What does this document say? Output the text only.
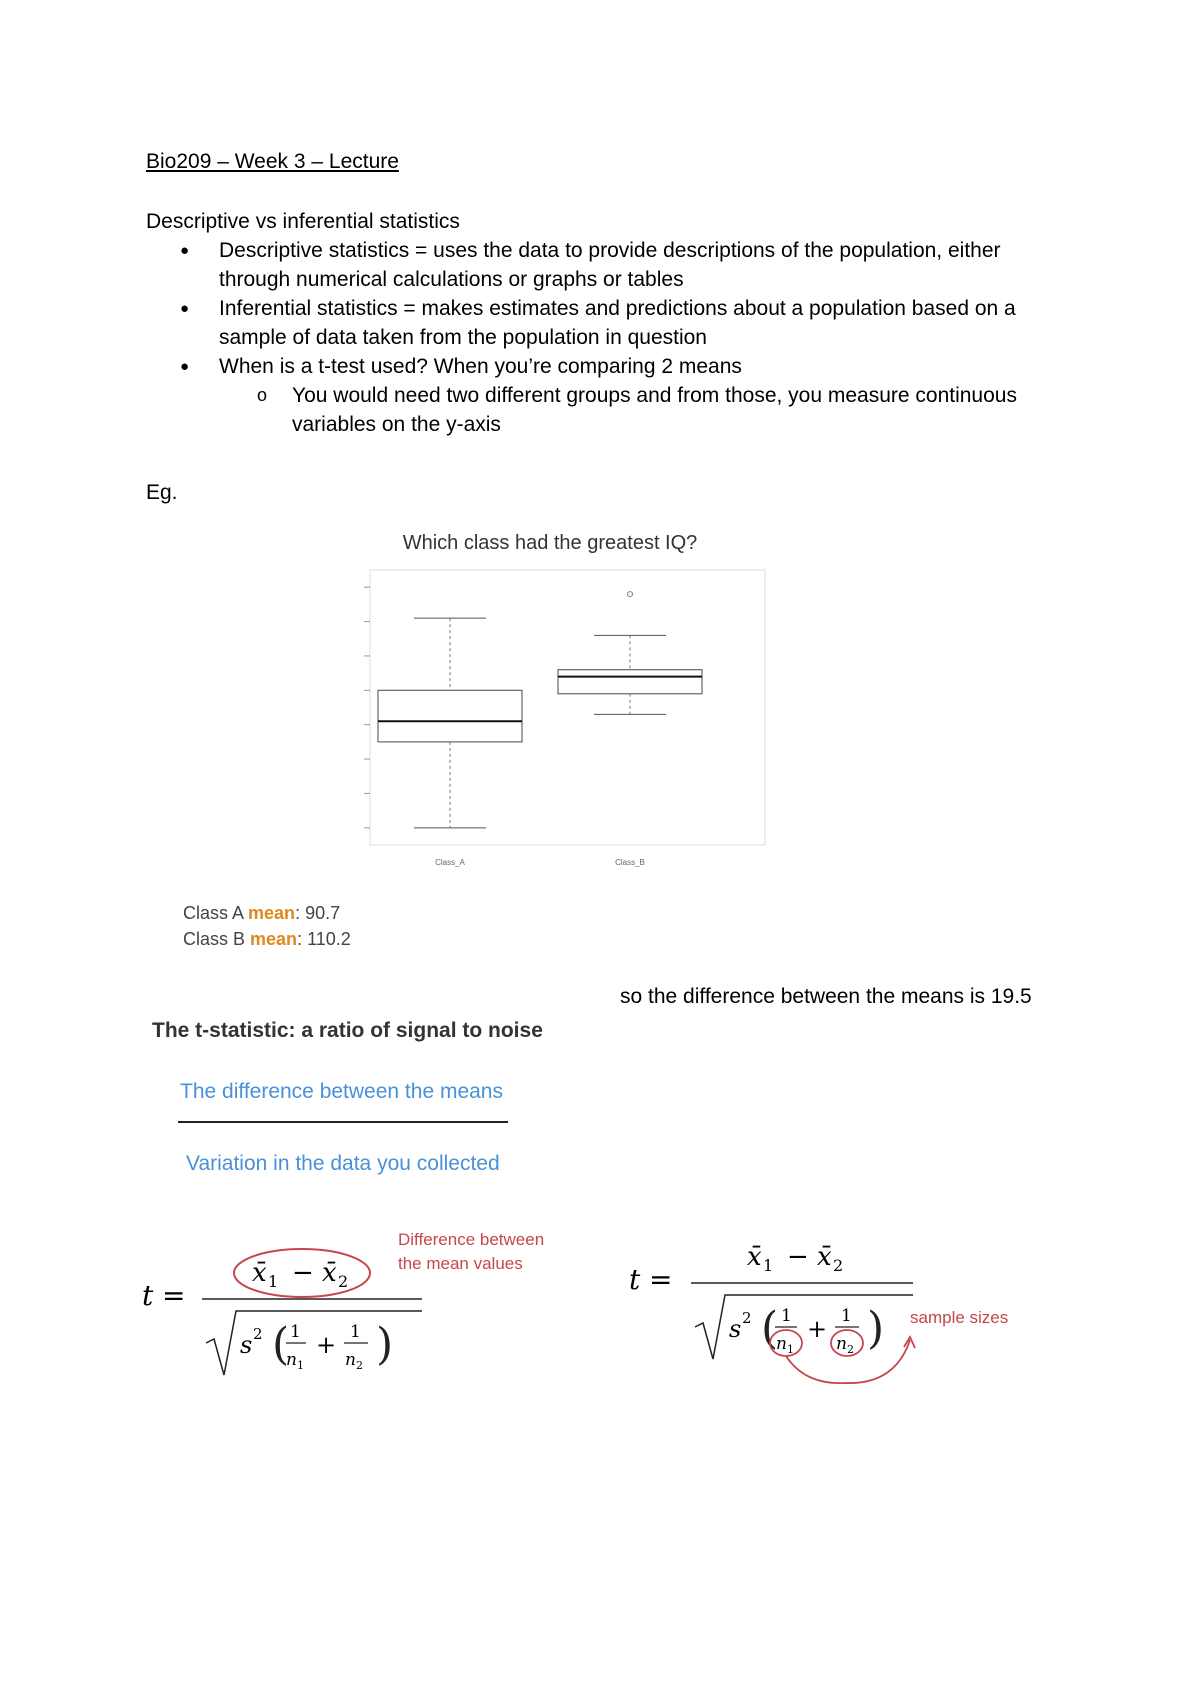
Bio209 – Week 3 – Lecture

Descriptive vs inferential statistics

● Descriptive statistics = uses the data to provide descriptions of the population, either through numerical calculations or graphs or tables

● Inferential statistics = makes estimates and predictions about a population based on a sample of data taken from the population in question

● When is a t-test used? When you’re comparing 2 means

o You would need two different groups and from those, you measure continuous variables on the y-axis

Eg.
Which class had the greatest IQ?
Class_A	Class_B
Class A mean: 90.7
Class B mean: 110.2
so the difference between the means is 19.5
The t-statistic: a ratio of signal to noise
The difference between the means
Variation in the data you collected
t =
x̄ 1 − x̄ 2
s 2 ( 1
n 1
+ 1
n 2 )
Difference between
the mean values	t =
x̄ 1 − x̄ 2
s 2 ( 1
n 1
+ 1
n 2 ) sample sizes
